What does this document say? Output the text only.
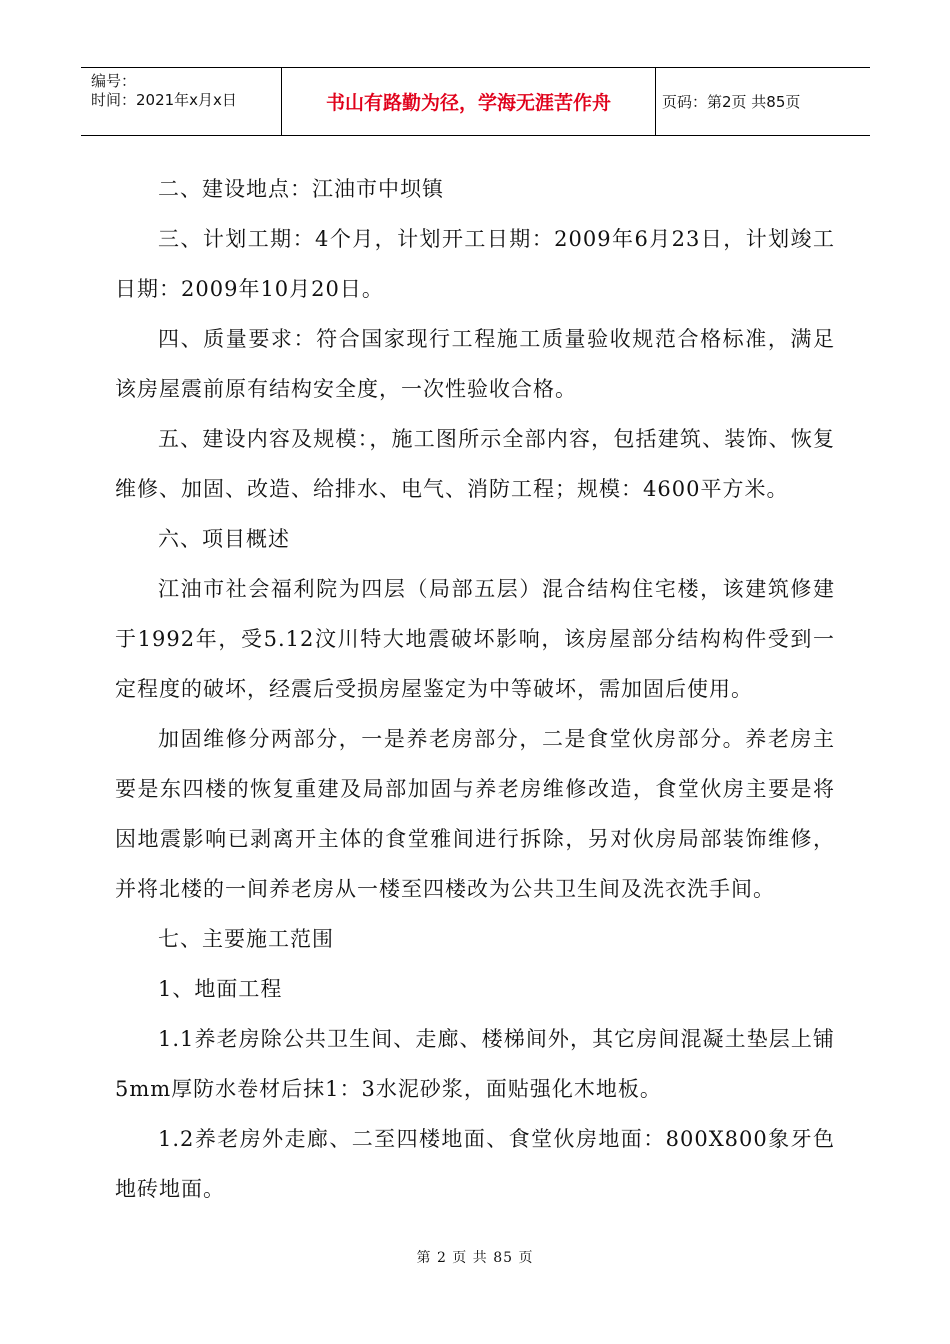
编号：
时间：2021年x月x日	书山有路勤为径，学海无涯苦作舟	页码：第2页 共85页

二、建设地点：江油市中坝镇

三、计划工期：4个月，计划开工日期：2009年6月23日，计划竣工日期：2009年10月20日。

四、质量要求：符合国家现行工程施工质量验收规范合格标准，满足该房屋震前原有结构安全度，一次性验收合格。

五、建设内容及规模：，施工图所示全部内容，包括建筑、装饰、恢复维修、加固、改造、给排水、电气、消防工程；规模：4600平方米。

六、项目概述

江油市社会福利院为四层（局部五层）混合结构住宅楼，该建筑修建于1992年，受5.12汶川特大地震破坏影响，该房屋部分结构构件受到一定程度的破坏，经震后受损房屋鉴定为中等破坏，需加固后使用。

加固维修分两部分，一是养老房部分，二是食堂伙房部分。养老房主要是东四楼的恢复重建及局部加固与养老房维修改造，食堂伙房主要是将因地震影响已剥离开主体的食堂雅间进行拆除，另对伙房局部装饰维修，并将北楼的一间养老房从一楼至四楼改为公共卫生间及洗衣洗手间。

七、主要施工范围

1、地面工程

1.1养老房除公共卫生间、走廊、楼梯间外，其它房间混凝土垫层上铺5mm厚防水卷材后抹1：3水泥砂浆，面贴强化木地板。

1.2养老房外走廊、二至四楼地面、食堂伙房地面：800X800象牙色地砖地面。

第 2 页 共 85 页
